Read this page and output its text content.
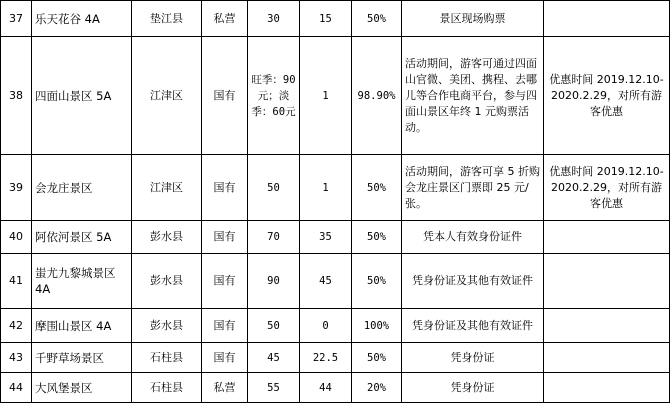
37	乐天花谷 4A	垫江县	私营	30	15	50%	景区现场购票	
38	四面山景区 5A	江津区	国有	旺季：90元；淡季：60元	1	98.90%	活动期间，游客可通过四面山官微、美团、携程、去哪儿等合作电商平台，参与四面山景区年终 1 元购票活动。	优惠时间 2019.12.10-2020.2.29，对所有游客优惠
39	会龙庄景区	江津区	国有	50	1	50%	活动期间，游客可享 5 折购会龙庄景区门票即 25 元/张。	优惠时间 2019.12.10-2020.2.29，对所有游客优惠
40	阿依河景区 5A	彭水县	国有	70	35	50%	凭本人有效身份证件	
41	蚩尤九黎城景区 4A	彭水县	国有	90	45	50%	凭身份证及其他有效证件	
42	摩围山景区 4A	彭水县	国有	50	0	100%	凭身份证及其他有效证件	
43	千野草场景区	石柱县	国有	45	22.5	50%	凭身份证	
44	大风堡景区	石柱县	私营	55	44	20%	凭身份证	
